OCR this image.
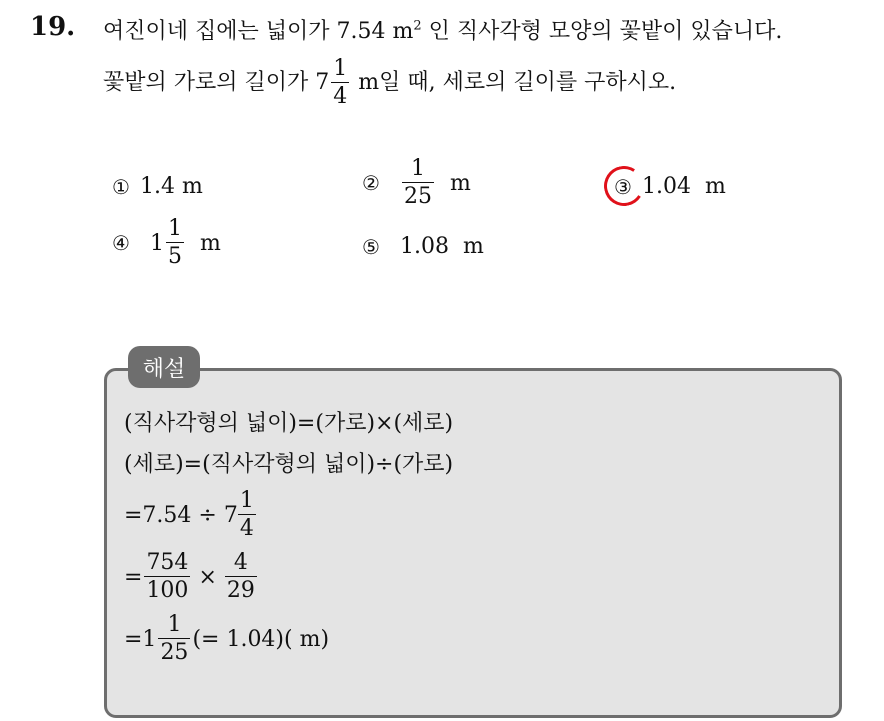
19. 여진이네 집에는 넓이가 7.54 $m^2$ 인 직사각형 모양의 꽃밭이 있습니다.
꽃밭의 가로의 길이가 $7 \frac{1}{4}$ m일 때, 세로의 길이를 구하시오.
① 1.4 m	②	$\frac{1}{25}$ m	③ 1.04  m
④ $1 \frac{1}{5}$ m	⑤ 1.08  m
해설
(직사각형의 넓이)=(가로)×(세로)
(세로)=(직사각형의 넓이)÷(가로)
$=7.54 \div 7 \frac{1}{4}$
= $\frac{754}{100} \times \frac{4}{29}$
$=1 \frac{1}{25}$ (= 1.04)( m)
